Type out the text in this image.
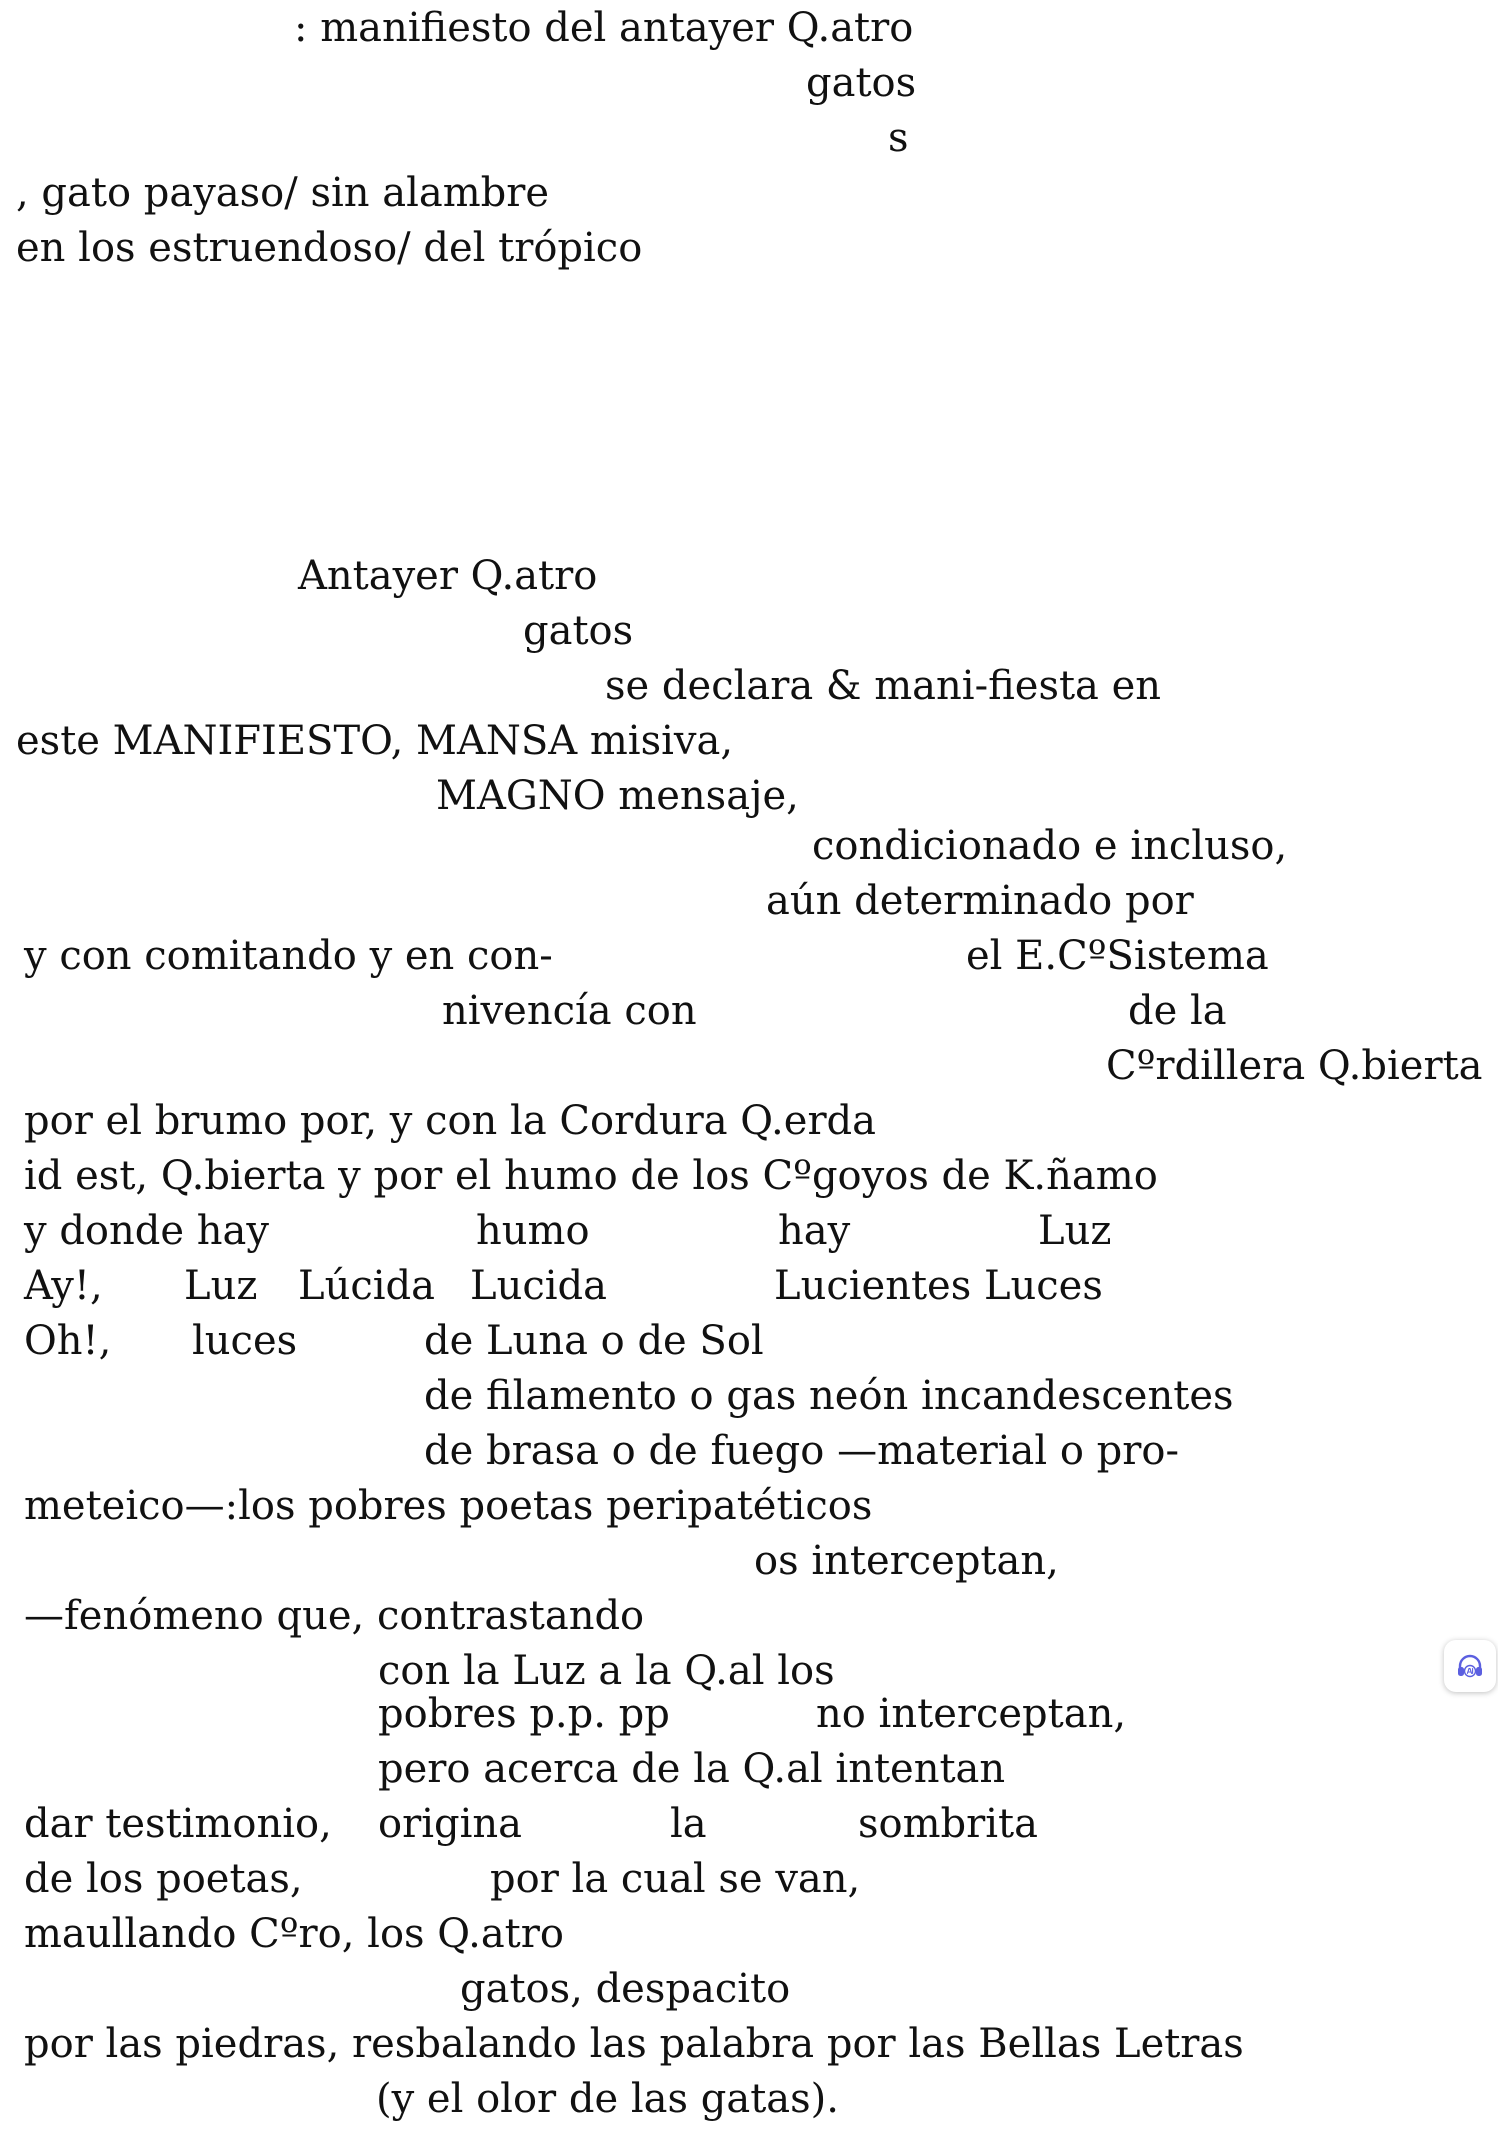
: manifiesto del antayer Q.atro
gatos
s
, gato payaso/ sin alambre
en los estruendoso/ del trópico
Antayer Q.atro
gatos
se declara & mani-fiesta en
este MANIFIESTO, MANSA misiva,
MAGNO mensaje,
condicionado e incluso,
aún determinado por
y con comitando y en con-	el E.CºSistema
nivencía con	de la
Cºrdillera Q.bierta
por el brumo por, y con la Cordura Q.erda
id est, Q.bierta y por el humo de los Cºgoyos de K.ñamo
y donde hay	humo	hay	Luz
Ay!, Luz Lúcida Lucida	Lucientes Luces
Oh!, luces	de Luna o de Sol
de filamento o gas neón incandescentes
de brasa o de fuego —material o pro-
meteico—:los pobres poetas peripatéticos
os interceptan,
—fenómeno que, contrastando
con la Luz a la Q.al los
pobres p.p. pp	no interceptan,
pero acerca de la Q.al intentan
dar testimonio, origina	la	sombrita
de los poetas,	por la cual se van,
maullando Cºro, los Q.atro
gatos, despacito
por las piedras, resbalando las palabra por las Bellas Letras
(y el olor de las gatas).
